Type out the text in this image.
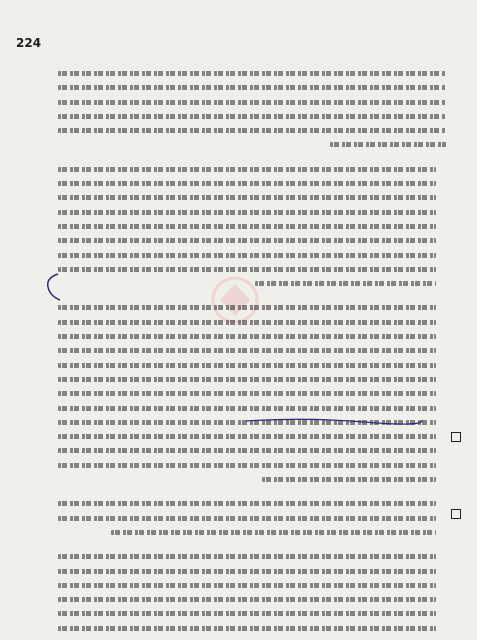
224
